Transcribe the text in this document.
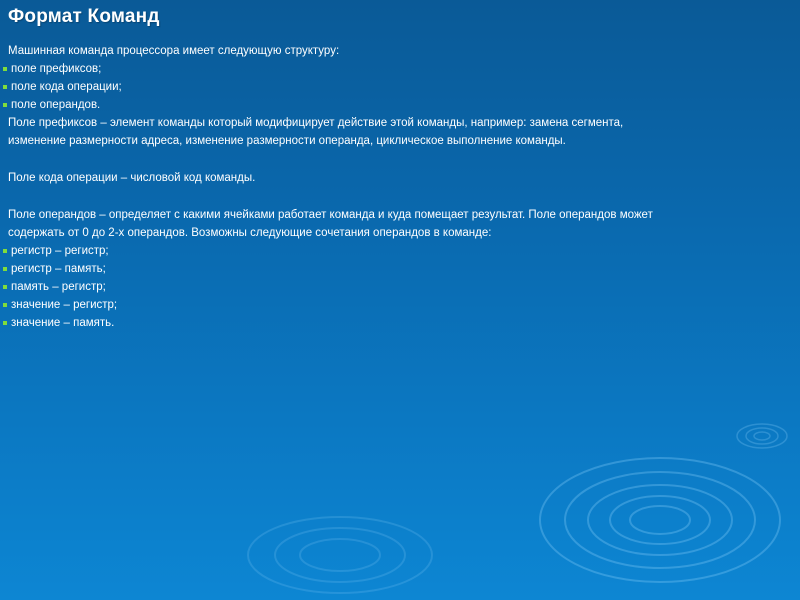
Формат Команд

Машинная команда процессора имеет следующую структуру:

поле префиксов;
поле кода операции;
поле операндов.

Поле префиксов – элемент команды который модифицирует действие этой команды, например: замена сегмента,

изменение размерности адреса, изменение размерности операнда, циклическое выполнение команды.

Поле кода операции – числовой код команды.

Поле операндов – определяет с какими ячейками работает команда и куда помещает результат. Поле операндов может

содержать от 0 до 2-х операндов. Возможны следующие сочетания операндов в команде:

регистр – регистр;
регистр – память;
память – регистр;
значение – регистр;
значение – память.
